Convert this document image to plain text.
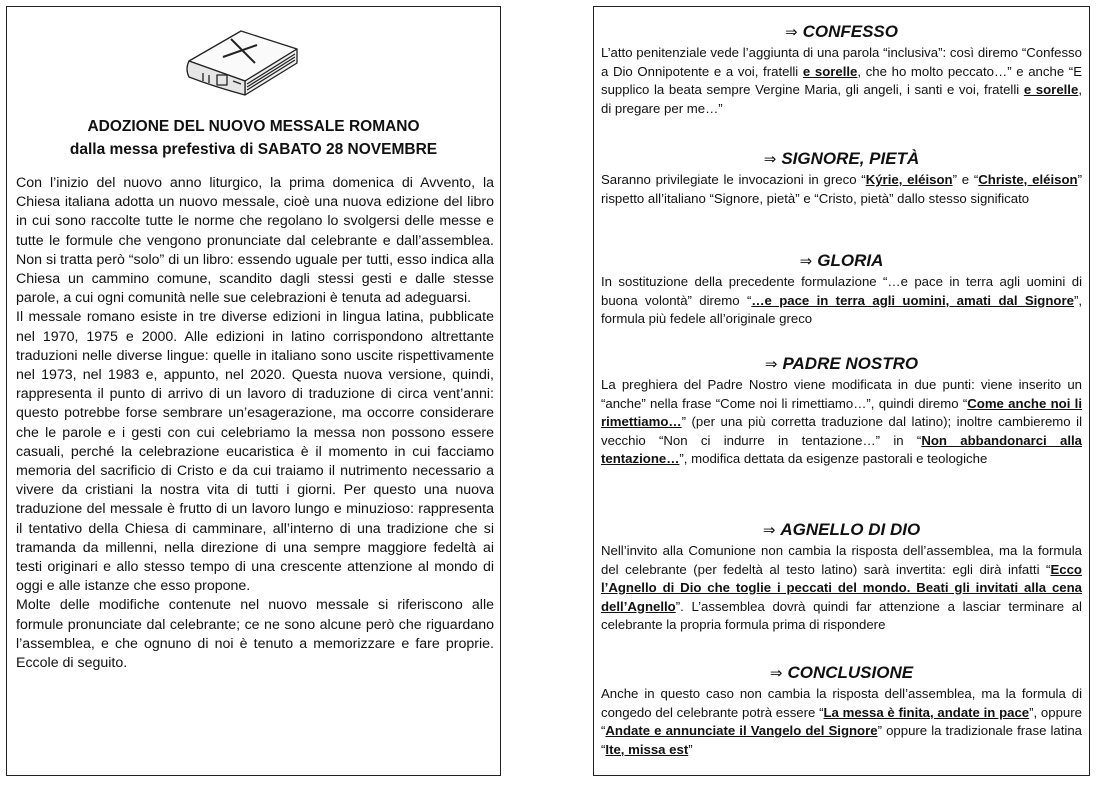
ADOZIONE DEL NUOVO MESSALE ROMANO
dalla messa prefestiva di SABATO 28 NOVEMBRE

Con l’inizio del nuovo anno liturgico, la prima domenica di Avvento, la Chiesa italiana adotta un nuovo messale, cioè una nuova edizione del libro in cui sono raccolte tutte le norme che regolano lo svolgersi delle messe e tutte le formule che vengono pronunciate dal celebrante e dall’assemblea. Non si tratta però “solo” di un libro: essendo uguale per tutti, esso indica alla Chiesa un cammino comune, scandito dagli stessi gesti e dalle stesse parole, a cui ogni comunità nelle sue celebrazioni è tenuta ad adeguarsi.

Il messale romano esiste in tre diverse edizioni in lingua latina, pubblicate nel 1970, 1975 e 2000. Alle edizioni in latino corrispondono altrettante traduzioni nelle diverse lingue: quelle in italiano sono uscite rispettivamente nel 1973, nel 1983 e, appunto, nel 2020. Questa nuova versione, quindi, rappresenta il punto di arrivo di un lavoro di traduzione di circa vent’anni: questo potrebbe forse sembrare un’esagerazione, ma occorre considerare che le parole e i gesti con cui celebriamo la messa non possono essere casuali, perché la celebrazione eucaristica è il momento in cui facciamo memoria del sacrificio di Cristo e da cui traiamo il nutrimento necessario a vivere da cristiani la nostra vita di tutti i giorni. Per questo una nuova traduzione del messale è frutto di un lavoro lungo e minuzioso: rappresenta il tentativo della Chiesa di camminare, all’interno di una tradizione che si tramanda da millenni, nella direzione di una sempre maggiore fedeltà ai testi originari e allo stesso tempo di una crescente attenzione al mondo di oggi e alle istanze che esso propone.

Molte delle modifiche contenute nel nuovo messale si riferiscono alle formule pronunciate dal celebrante; ce ne sono alcune però che riguardano l’assemblea, e che ognuno di noi è tenuto a memorizzare e fare proprie. Eccole di seguito.

⇒ CONFESSO

L’atto penitenziale vede l’aggiunta di una parola “inclusiva”: così diremo “Confesso a Dio Onnipotente e a voi, fratelli e sorelle, che ho molto peccato…” e anche “E supplico la beata sempre Vergine Maria, gli angeli, i santi e voi, fratelli e sorelle, di pregare per me…”

⇒ SIGNORE, PIETÀ

Saranno privilegiate le invocazioni in greco “Kýrie, eléison” e “Christe, eléison” rispetto all’italiano “Signore, pietà” e “Cristo, pietà” dallo stesso significato

⇒ GLORIA

In sostituzione della precedente formulazione “…e pace in terra agli uomini di buona volontà” diremo “…e pace in terra agli uomini, amati dal Signore”, formula più fedele all’originale greco

⇒ PADRE NOSTRO

La preghiera del Padre Nostro viene modificata in due punti: viene inserito un “anche” nella frase “Come noi li rimettiamo…”, quindi diremo “Come anche noi li rimettiamo…” (per una più corretta traduzione dal latino); inoltre cambieremo il vecchio “Non ci indurre in tentazione…” in “Non abbandonarci alla tentazione…”, modifica dettata da esigenze pastorali e teologiche

⇒ AGNELLO DI DIO

Nell’invito alla Comunione non cambia la risposta dell’assemblea, ma la formula del celebrante (per fedeltà al testo latino) sarà invertita: egli dirà infatti “Ecco l’Agnello di Dio che toglie i peccati del mondo. Beati gli invitati alla cena dell’Agnello”. L’assemblea dovrà quindi far attenzione a lasciar terminare al celebrante la propria formula prima di rispondere

⇒ CONCLUSIONE

Anche in questo caso non cambia la risposta dell’assemblea, ma la formula di congedo del celebrante potrà essere “La messa è finita, andate in pace”, oppure “Andate e annunciate il Vangelo del Signore” oppure la tradizionale frase latina “Ite, missa est”
